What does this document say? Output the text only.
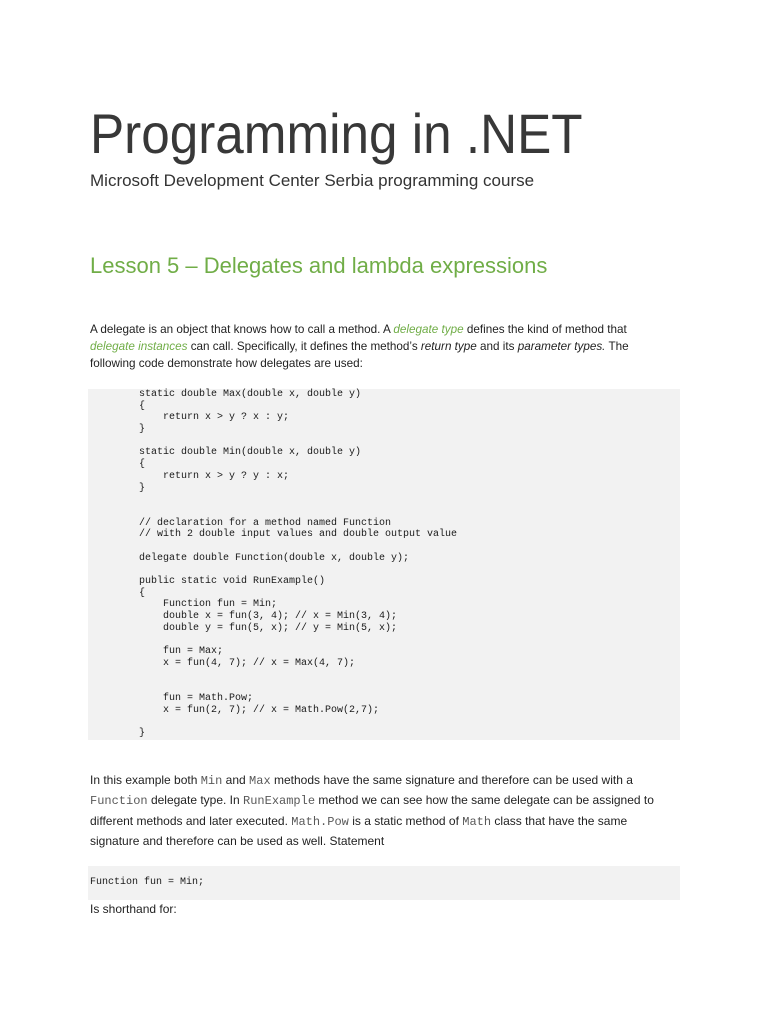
Programming in .NET
Microsoft Development Center Serbia programming course
Lesson 5 – Delegates and lambda expressions
A delegate is an object that knows how to call a method. A delegate type defines the kind of method that
delegate instances can call. Specifically, it defines the method’s return type and its parameter types. The
following code demonstrate how delegates are used:
static double Max(double x, double y)
{
return x > y ? x : y;
}
static double Min(double x, double y)
{
return x > y ? y : x;
}
// declaration for a method named Function
// with 2 double input values and double output value
delegate double Function(double x, double y);
public static void RunExample()
{
Function fun = Min;
double x = fun(3, 4); // x = Min(3, 4);
double y = fun(5, x); // y = Min(5, x);
fun = Max;
x = fun(4, 7); // x = Max(4, 7);
fun = Math.Pow;
x = fun(2, 7); // x = Math.Pow(2,7);
}
In this example both Min and Max methods have the same signature and therefore can be used with a
Function delegate type. In RunExample method we can see how the same delegate can be assigned to
different methods and later executed. Math.Pow is a static method of Math class that have the same
signature and therefore can be used as well. Statement
Function fun = Min;
Is shorthand for:
